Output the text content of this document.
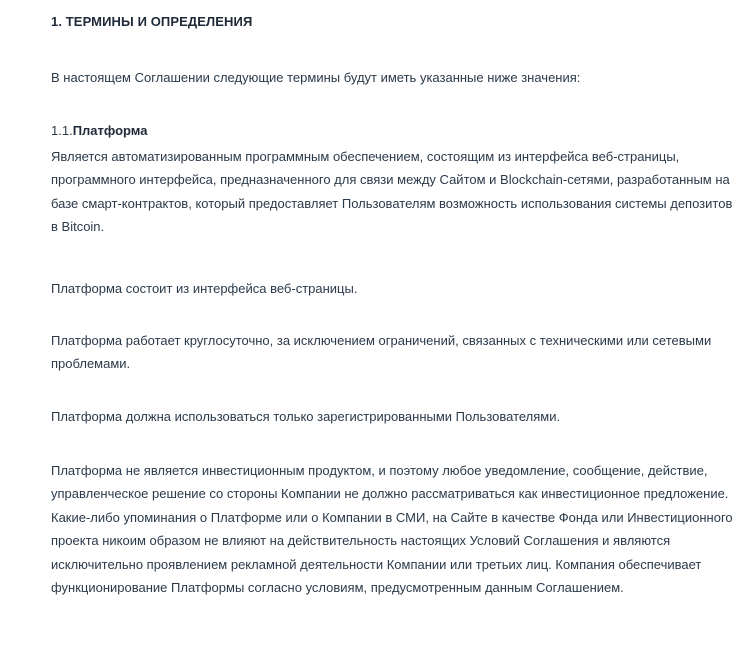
1. ТЕРМИНЫ И ОПРЕДЕЛЕНИЯ

В настоящем Соглашении следующие термины будут иметь указанные ниже значения:

1.1.Платформа

Является автоматизированным программным обеспечением, состоящим из интерфейса веб-страницы, программного интерфейса, предназначенного для связи между Сайтом и Blockchain-сетями, разработанным на базе смарт-контрактов, который предоставляет Пользователям возможность использования системы депозитов в Bitcoin.

Платформа состоит из интерфейса веб-страницы.

Платформа работает круглосуточно, за исключением ограничений, связанных с техническими или сетевыми проблемами.

Платформа должна использоваться только зарегистрированными Пользователями.

Платформа не является инвестиционным продуктом, и поэтому любое уведомление, сообщение, действие, управленческое решение со стороны Компании не должно рассматриваться как инвестиционное предложение. Какие-либо упоминания о Платформе или о Компании в СМИ, на Сайте в качестве Фонда или Инвестиционного проекта никоим образом не влияют на действительность настоящих Условий Соглашения и являются исключительно проявлением рекламной деятельности Компании или третьих лиц. Компания обеспечивает функционирование Платформы согласно условиям, предусмотренным данным Соглашением.
